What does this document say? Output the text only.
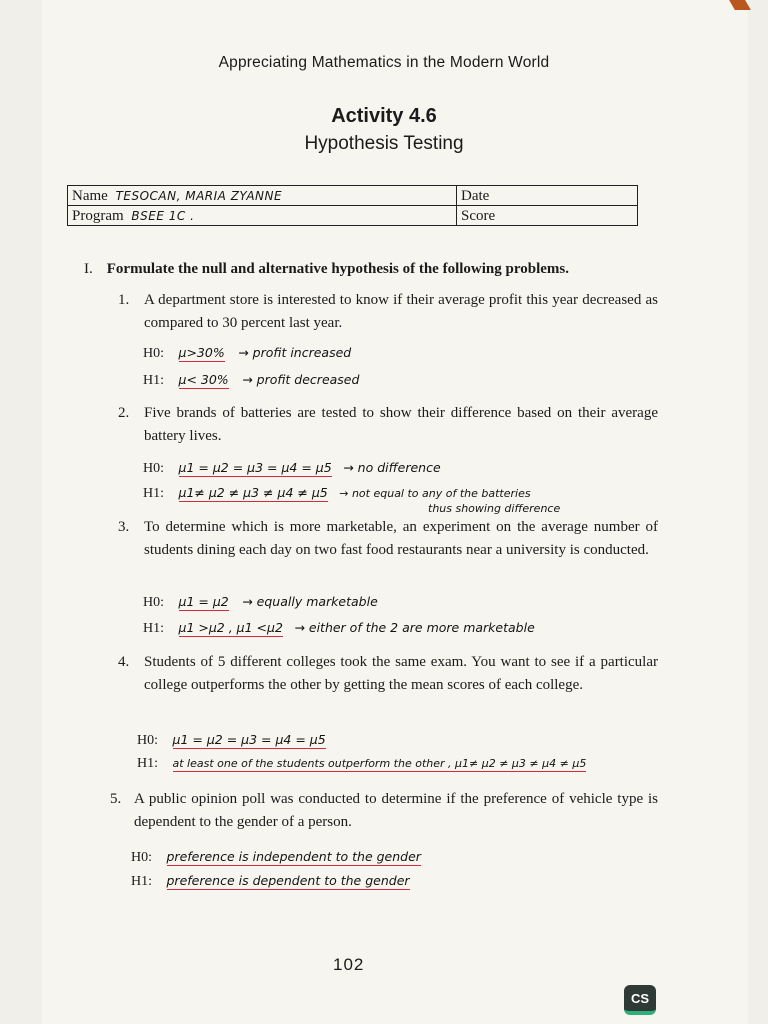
Appreciating Mathematics in the Modern World
Activity 4.6
Hypothesis Testing
Name TESOCAN, MARIA ZYANNE	Date
Program BSEE 1C .	Score
I. Formulate the null and alternative hypothesis of the following problems.
1. A department store is interested to know if their average profit this year decreased as compared to 30 percent last year.
H0: μ>30% → profit increased
H1: μ< 30% → profit decreased
2. Five brands of batteries are tested to show their difference based on their average battery lives.
H0: μ1 = μ2 = μ3 = μ4 = μ5 → no difference
H1: μ1≠ μ2 ≠ μ3 ≠ μ4 ≠ μ5 → not equal to any of the batteries
thus showing difference
3. To determine which is more marketable, an experiment on the average number of students dining each day on two fast food restaurants near a university is conducted.
H0: μ1 = μ2 → equally marketable
H1: μ1 >μ2 , μ1 <μ2 → either of the 2 are more marketable
4. Students of 5 different colleges took the same exam. You want to see if a particular college outperforms the other by getting the mean scores of each college.
H0: μ1 = μ2 = μ3 = μ4 = μ5
H1: at least one of the students outperform the other , μ1≠ μ2 ≠ μ3 ≠ μ4 ≠ μ5
5. A public opinion poll was conducted to determine if the preference of vehicle type is dependent to the gender of a person.
H0: preference is independent to the gender
H1: preference is dependent to the gender
102
CS
